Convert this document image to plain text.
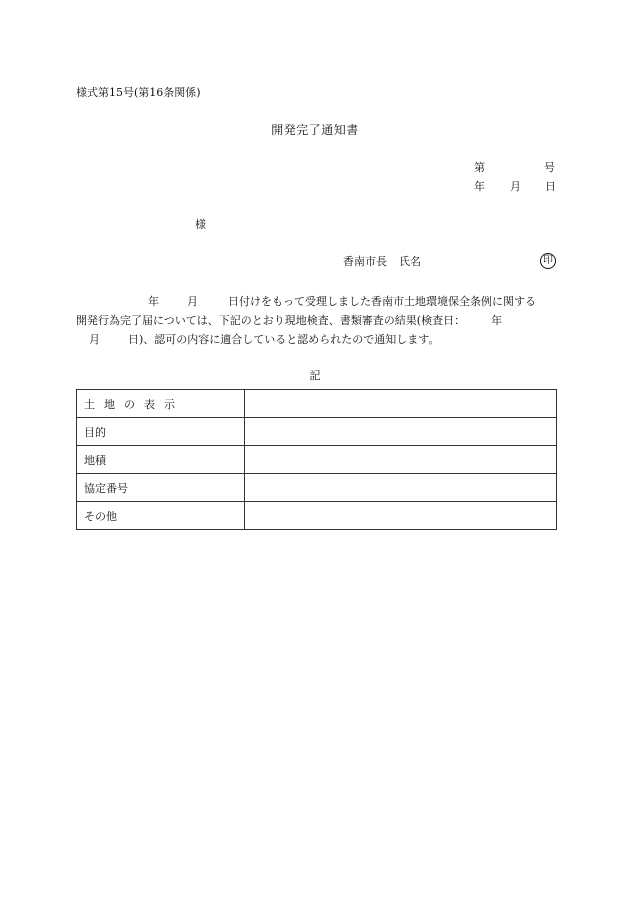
様式第15号(第16条関係)
開発完了通知書
第	号
年 月 日
様
香南市長 氏名	印
年	月	日付けをもって受理しました香南市土地環境保全条例に関する
開発行為完了届については、下記のとおり現地検査、書類審査の結果(検査日： 年
月	日)、認可の内容に適合していると認められたので通知します。
記
土地の表示	
目的	
地積	
協定番号	
その他	
